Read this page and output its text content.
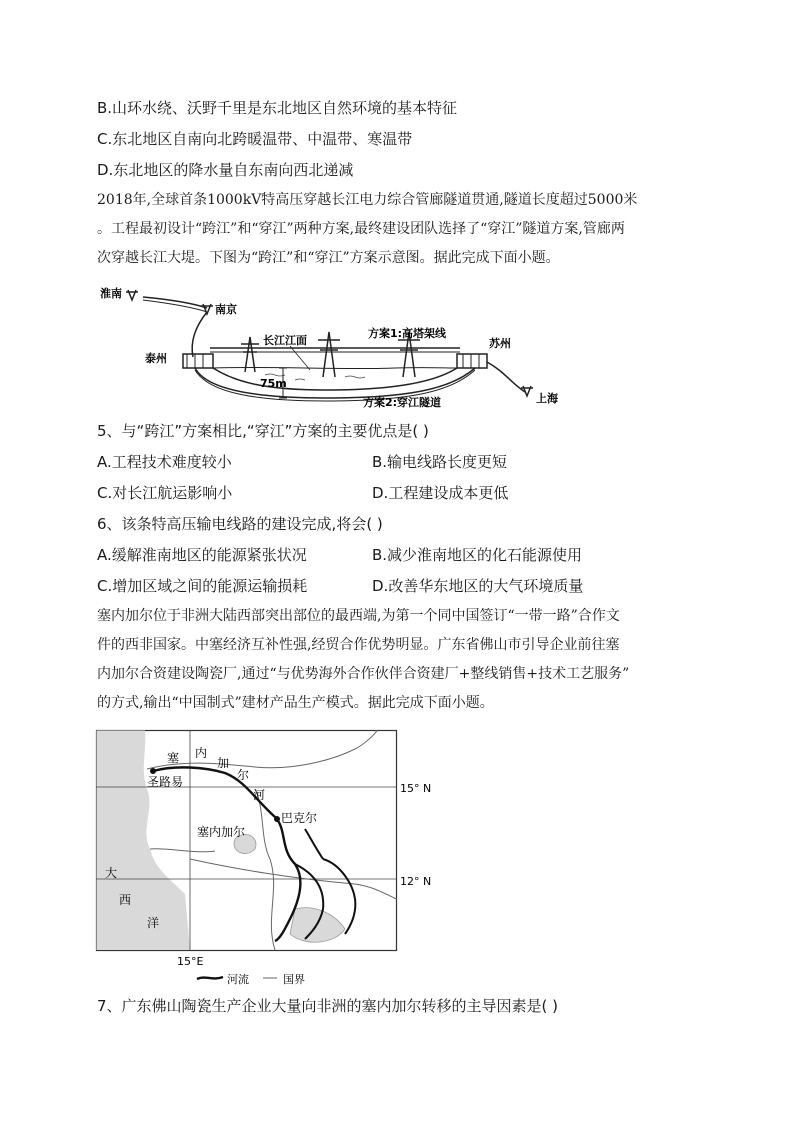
B.山环水绕、沃野千里是东北地区自然环境的基本特征
C.东北地区自南向北跨暖温带、中温带、寒温带
D.东北地区的降水量自东南向西北递减
2018年,全球首条1000kV特高压穿越长江电力综合管廊隧道贯通,隧道长度超过5000米
。工程最初设计“跨江”和“穿江”两种方案,最终建设团队选择了“穿江”隧道方案,管廊两
次穿越长江大堤。下图为“跨江”和“穿江”方案示意图。据此完成下面小题。
淮南
南京
泰州
75m
长江江面
方案1:高塔架线
方案2:穿江隧道
苏州
上海
5、与“跨江”方案相比,“穿江”方案的主要优点是( )
A.工程技术难度较小	B.输电线路长度更短
C.对长江航运影响小	D.工程建设成本更低
6、该条特高压输电线路的建设完成,将会( )
A.缓解淮南地区的能源紧张状况	B.减少淮南地区的化石能源使用
C.增加区域之间的能源运输损耗	D.改善华东地区的大气环境质量
塞内加尔位于非洲大陆西部突出部位的最西端,为第一个同中国签订“一带一路”合作文
件的西非国家。中塞经济互补性强,经贸合作优势明显。广东省佛山市引导企业前往塞
内加尔合资建设陶瓷厂,通过“与优势海外合作伙伴合资建厂+整线销售+技术工艺服务”
的方式,输出“中国制式”建材产品生产模式。据此完成下面小题。
塞 内
加
尔
河
圣路易
巴克尔
塞内加尔
15° N
12° N
大
西
洋
15°E
河流	国界
7、广东佛山陶瓷生产企业大量向非洲的塞内加尔转移的主导因素是( )
